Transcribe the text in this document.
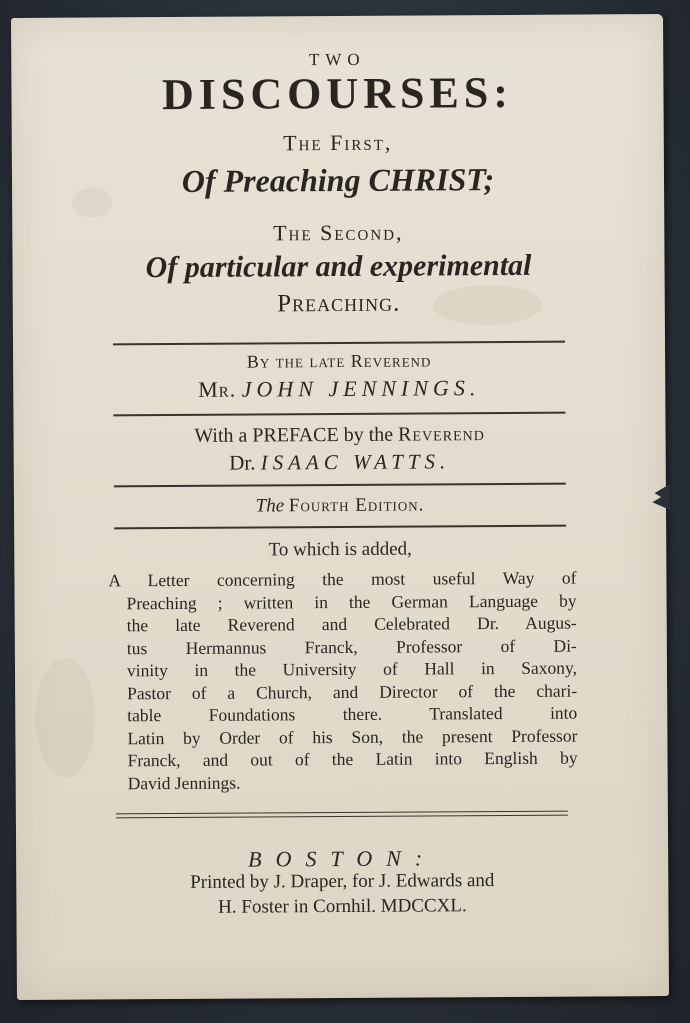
TWO
DISCOURSES:
The First,
Of Preaching CHRIST;
The Second,
Of particular and experimental
Preaching.
By the late Reverend
Mr. JOHN JENNINGS.
With a PREFACE by the Reverend
Dr. ISAAC WATTS.
The Fourth Edition.
To which is added,
A Letter concerning the most useful Way of
Preaching ; written in the German Language by
the late Reverend and Celebrated Dr. Augus-
tus Hermannus Franck, Professor of Di-
vinity in the University of Hall in Saxony,
Pastor of a Church, and Director of the chari-
table Foundations there. Translated into
Latin by Order of his Son, the present Professor
Franck, and out of the Latin into English by
David Jennings.
BOSTON:
Printed by J. Draper, for J. Edwards and
H. Foster in Cornhil. MDCCXL.
